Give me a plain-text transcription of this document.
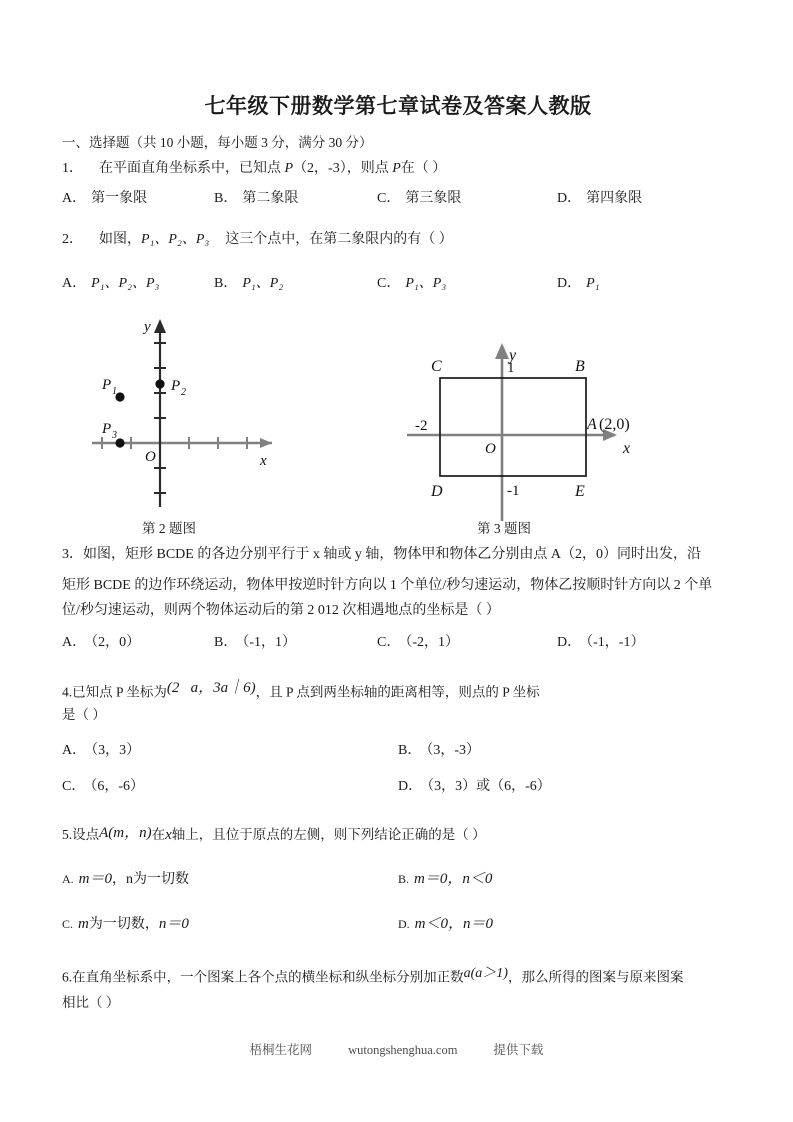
七年级下册数学第七章试卷及答案人教版
一、选择题（共 10 小题，每小题 3 分，满分 30 分）
1． 在平面直角坐标系中，已知点 P（2，-3），则点 P在（ ）
A． 第一象限	B． 第二象限	C． 第三象限	D． 第四象限
2． 如图，P₁、P₂、P₃ 这三个点中，在第二象限内的有（ ）
A． P₁、P₂、P₃	B． P₁、P₂	C． P₁、P₃	D． P₁
P 1	P 2
P 3
O	x
y
第 2 题图
C	B
D	E
1
-2
-1
O	x
y
A (2,0)
第 3 题图
3．如图，矩形 BCDE 的各边分别平行于 x 轴或 y 轴，物体甲和物体乙分别由点 A（2，0）同时出发，沿
矩形 BCDE 的边作环绕运动，物体甲按逆时针方向以 1 个单位/秒匀速运动，物体乙按顺时针方向以 2 个单
位/秒匀速运动，则两个物体运动后的第 2 012 次相遇地点的坐标是（ ）
A． （2，0）	B． （-1，1）	C． （-2，1）	D． （-1，-1）
4.已知点 P 坐标为(2   a，3a｜6)，且 P 点到两坐标轴的距离相等，则点的 P 坐标
是（ ）
A． （3，3）	B． （3，-3）
C． （6，-6）	D． （3，3）或（6，-6）
5.设点A(m，n)在x轴上，且位于原点的左侧，则下列结论正确的是（ ）
A. m＝0，n为一切数	B. m＝0，n＜0
C. m为一切数，n＝0	D. m＜0，n＝0
6.在直角坐标系中，一个图案上各个点的横坐标和纵坐标分别加正数a(a＞1)，那么所得的图案与原来图案
相比（ ）
梧桐生花网	wutongshenghua.com	提供下载
